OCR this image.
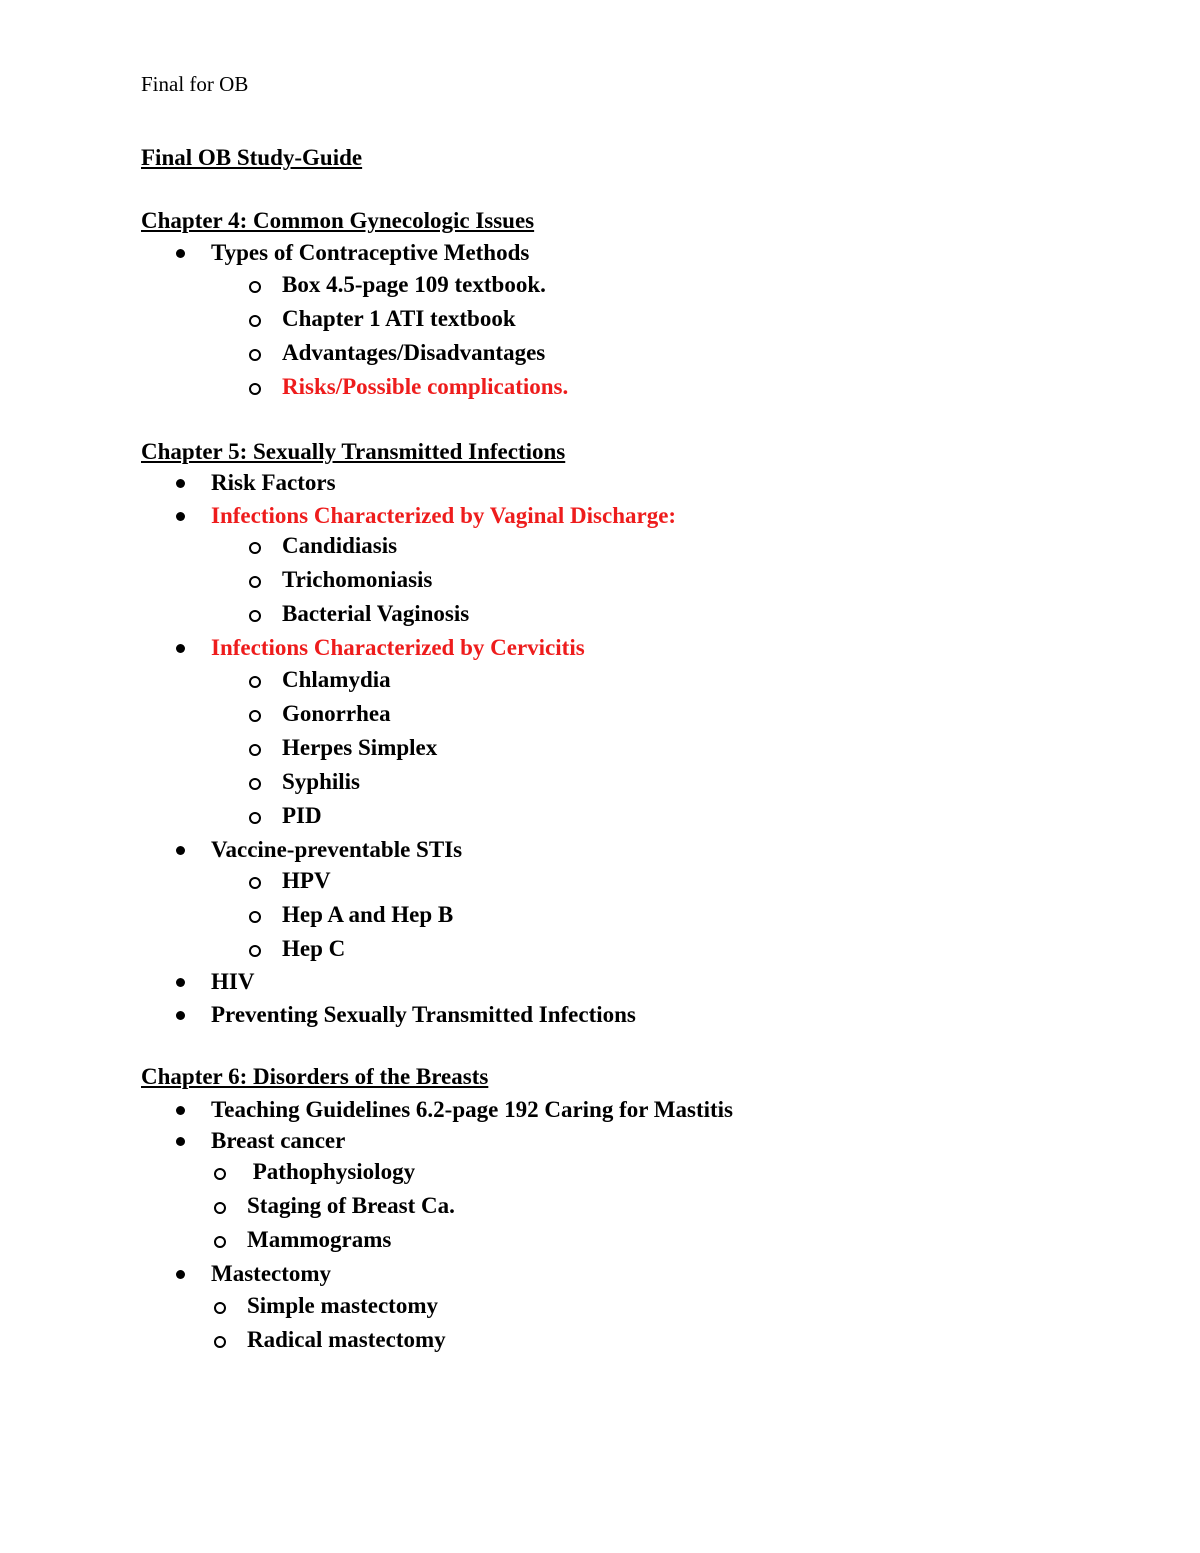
Final for OB
Final OB Study-Guide
Chapter 4: Common Gynecologic Issues
Types of Contraceptive Methods
Box 4.5-page 109 textbook.
Chapter 1 ATI textbook
Advantages/Disadvantages
Risks/Possible complications.
Chapter 5: Sexually Transmitted Infections
Risk Factors
Infections Characterized by Vaginal Discharge:
Candidiasis
Trichomoniasis
Bacterial Vaginosis
Infections Characterized by Cervicitis
Chlamydia
Gonorrhea
Herpes Simplex
Syphilis
PID
Vaccine-preventable STIs
HPV
Hep A and Hep B
Hep C
HIV
Preventing Sexually Transmitted Infections
Chapter 6: Disorders of the Breasts
Teaching Guidelines 6.2-page 192 Caring for Mastitis
Breast cancer
Pathophysiology
Staging of Breast Ca.
Mammograms
Mastectomy
Simple mastectomy
Radical mastectomy
